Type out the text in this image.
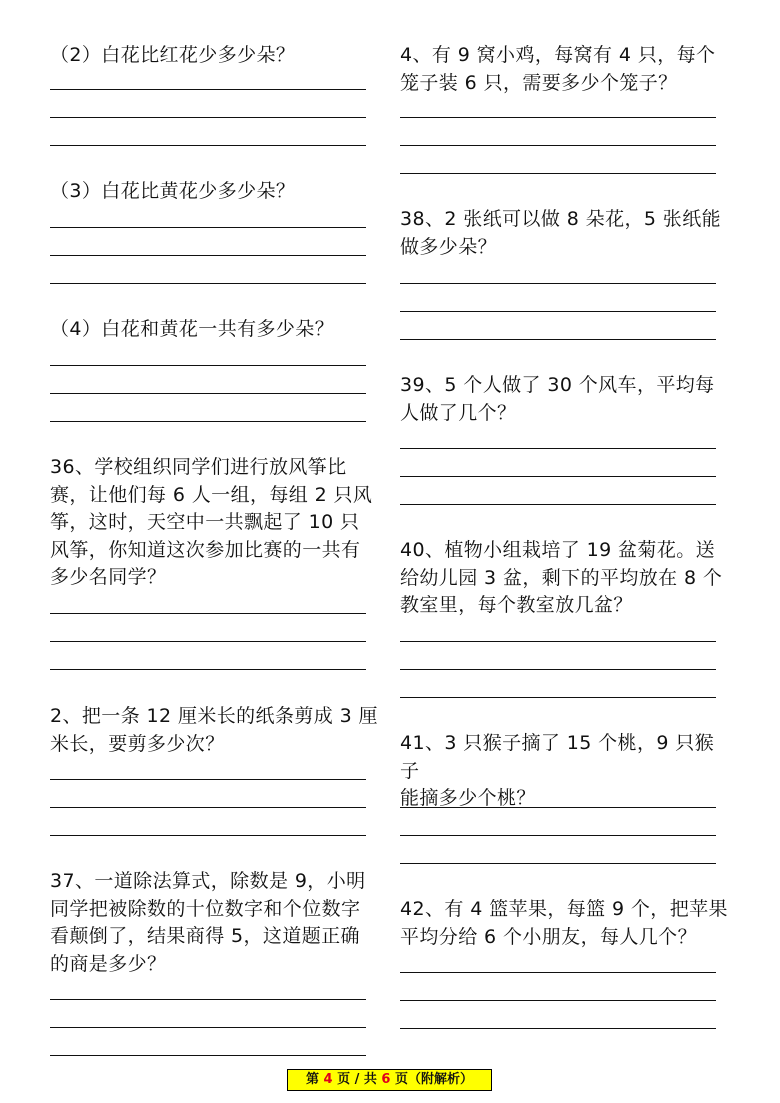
（2）白花比红花少多少朵？
（3）白花比黄花少多少朵？
（4）白花和黄花一共有多少朵？
36、学校组织同学们进行放风筝比
赛，让他们每 6 人一组，每组 2 只风
筝，这时，天空中一共飘起了 10 只
风筝，你知道这次参加比赛的一共有
多少名同学？
2、把一条 12 厘米长的纸条剪成 3 厘
米长，要剪多少次？
37、一道除法算式，除数是 9，小明
同学把被除数的十位数字和个位数字
看颠倒了，结果商得 5，这道题正确
的商是多少？
4、有 9 窝小鸡，每窝有 4 只，每个
笼子装 6 只，需要多少个笼子？
38、2 张纸可以做 8 朵花，5 张纸能
做多少朵？
39、5 个人做了 30 个风车，平均每
人做了几个？
40、植物小组栽培了 19 盆菊花。送
给幼儿园 3 盆，剩下的平均放在 8 个
教室里，每个教室放几盆？
41、3 只猴子摘了 15 个桃，9 只猴子
能摘多少个桃？
42、有 4 篮苹果，每篮 9 个，把苹果
平均分给 6 个小朋友，每人几个？
第 4 页 / 共 6 页（附解析）
